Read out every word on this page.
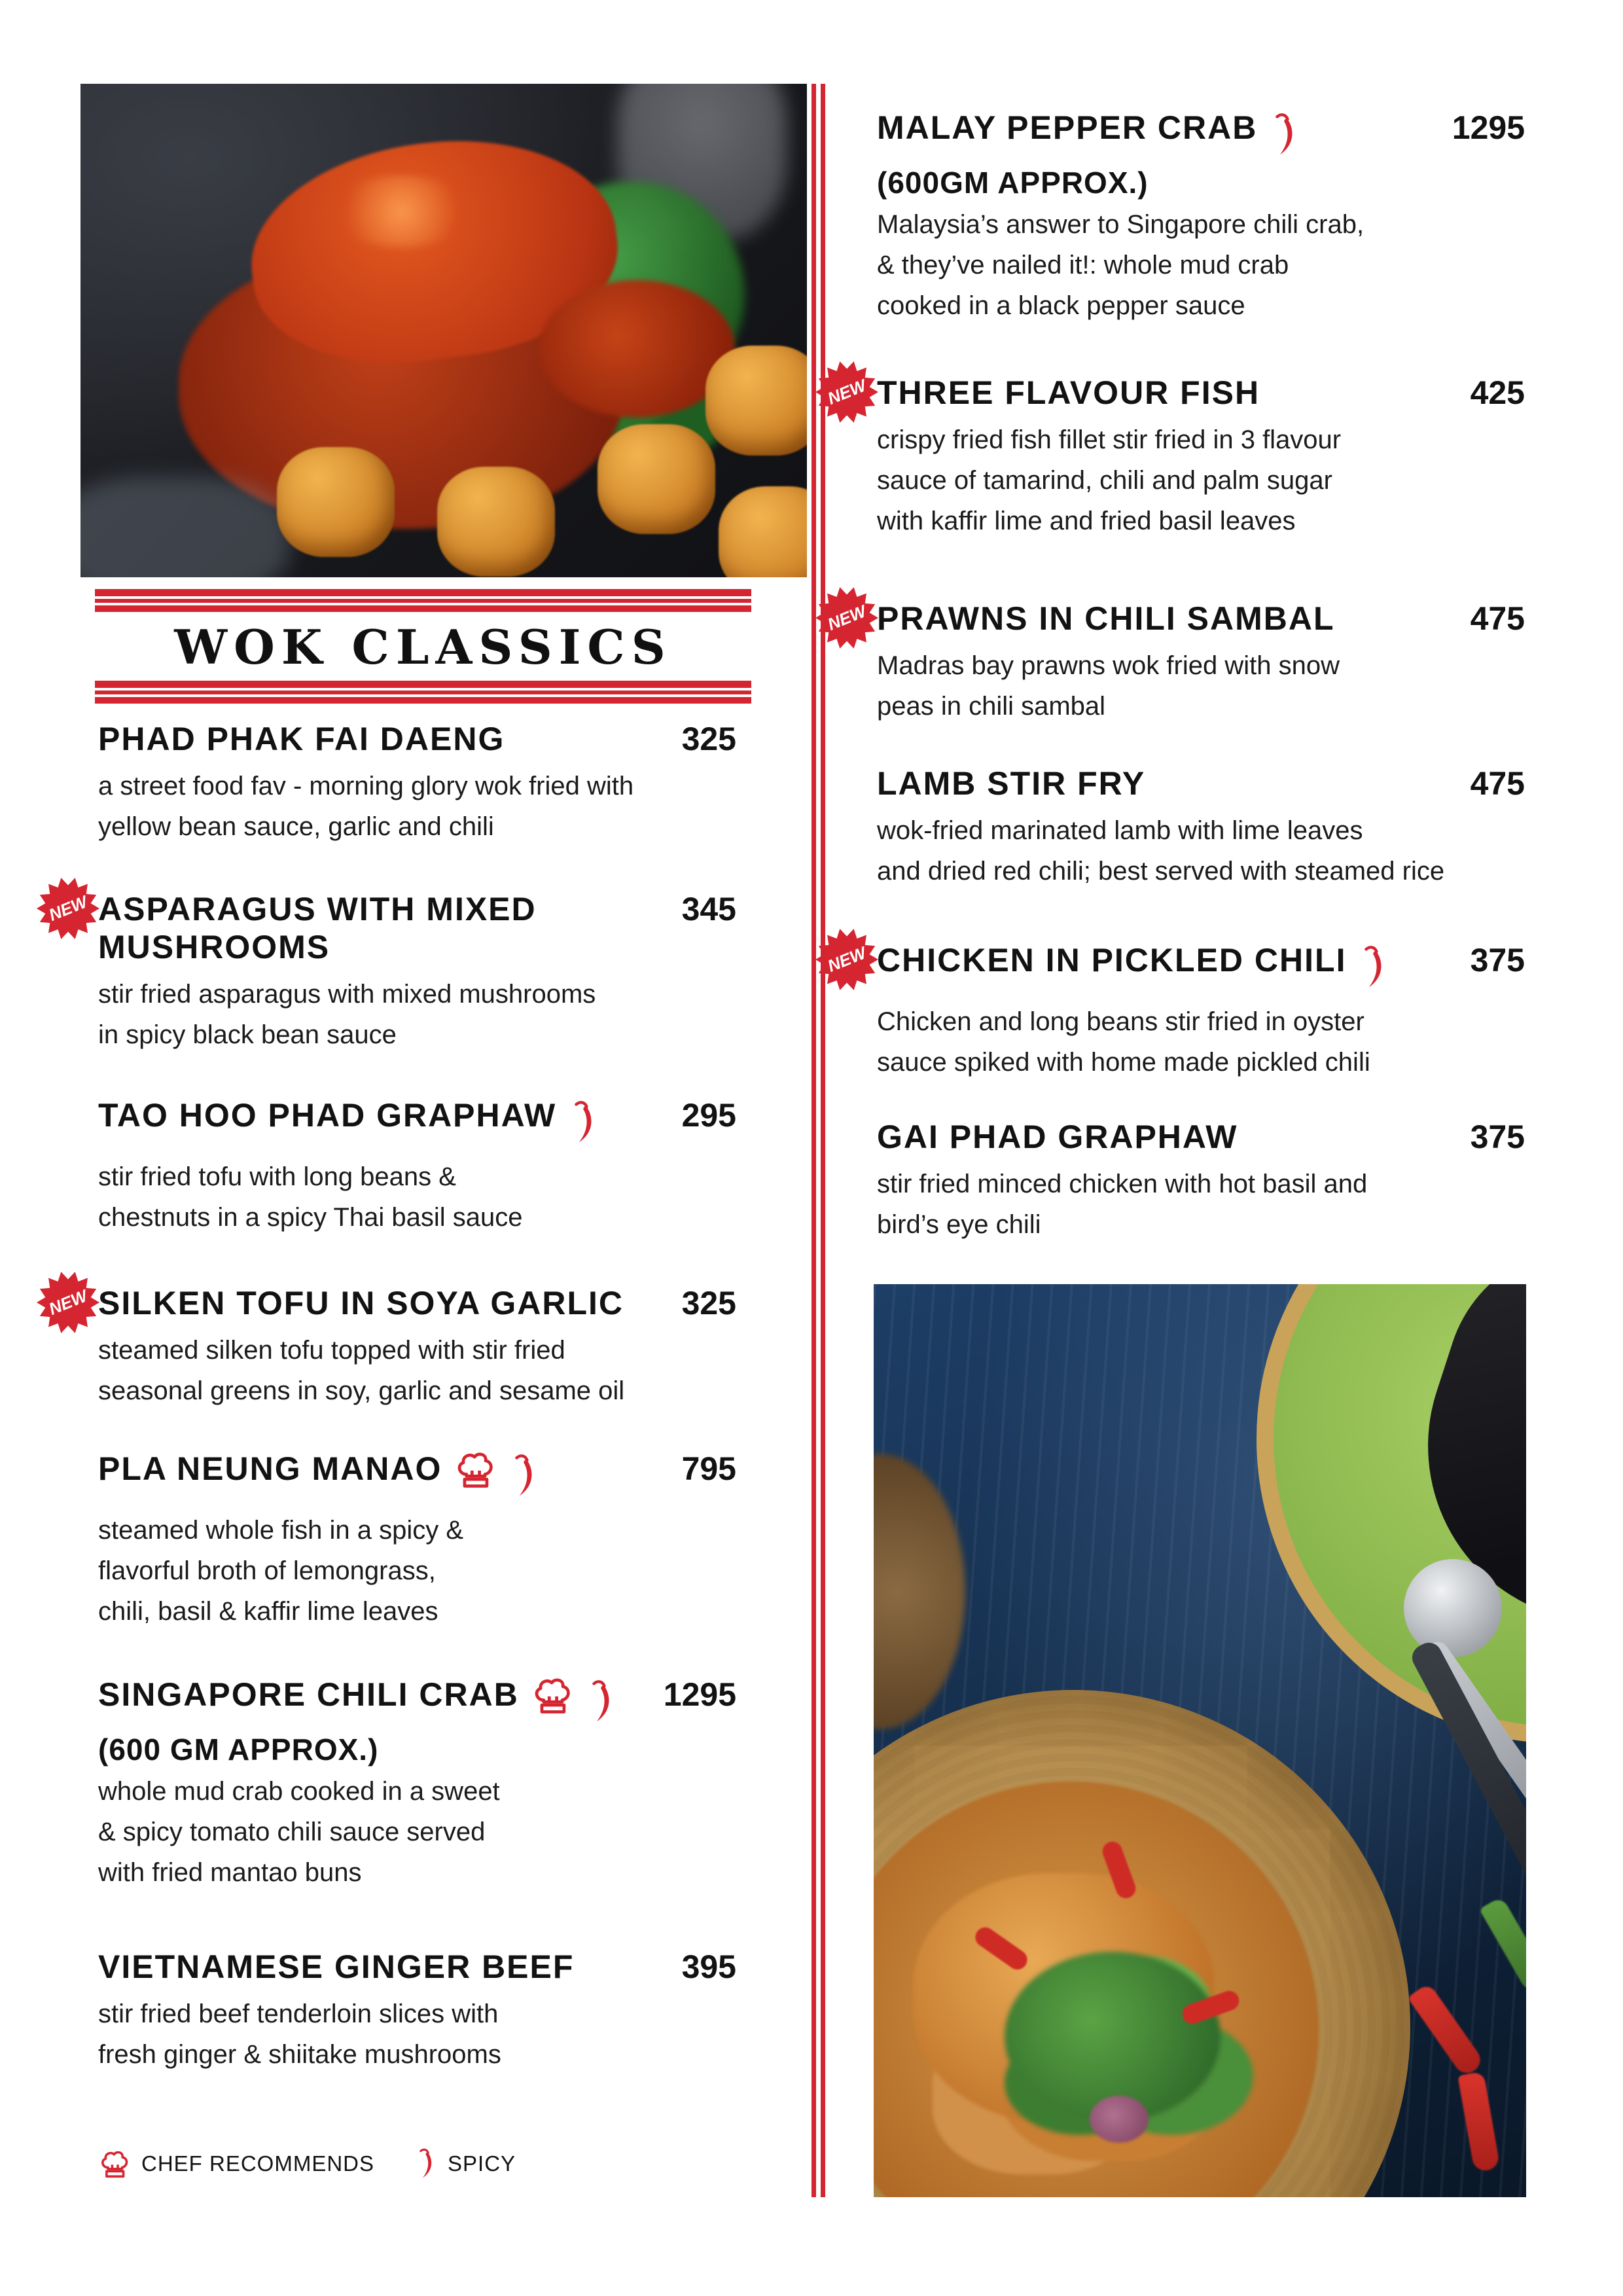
WOK CLASSICS
PHAD PHAK FAI DAENG	325
a street food fav - morning glory wok fried with
yellow bean sauce, garlic and chili
NEW ASPARAGUS WITH MIXED
MUSHROOMS
345
stir fried asparagus with mixed mushrooms
in spicy black bean sauce
TAO HOO PHAD GRAPHAW	295
stir fried tofu with long beans &
chestnuts in a spicy Thai basil sauce
NEW SILKEN TOFU IN SOYA GARLIC 325
steamed silken tofu topped with stir fried
seasonal greens in soy, garlic and sesame oil
PLA NEUNG MANAO	795
steamed whole fish in a spicy &
flavorful broth of lemongrass,
chili, basil & kaffir lime leaves
SINGAPORE CHILI CRAB	1295
(600 GM APPROX.)
whole mud crab cooked in a sweet
& spicy tomato chili sauce served
with fried mantao buns
VIETNAMESE GINGER BEEF	395
stir fried beef tenderloin slices with
fresh ginger & shiitake mushrooms
CHEF RECOMMENDS	SPICY
MALAY PEPPER CRAB	1295
(600GM APPROX.)
Malaysia’s answer to Singapore chili crab,
& they’ve nailed it!: whole mud crab
cooked in a black pepper sauce
NEW THREE FLAVOUR FISH	425
crispy fried fish fillet stir fried in 3 flavour
sauce of tamarind, chili and palm sugar
with kaffir lime and fried basil leaves
NEW PRAWNS IN CHILI SAMBAL	475
Madras bay prawns wok fried with snow
peas in chili sambal
LAMB STIR FRY	475
wok-fried marinated lamb with lime leaves
and dried red chili; best served with steamed rice
NEW CHICKEN IN PICKLED CHILI	375
Chicken and long beans stir fried in oyster
sauce spiked with home made pickled chili
GAI PHAD GRAPHAW	375
stir fried minced chicken with hot basil and
bird’s eye chili
